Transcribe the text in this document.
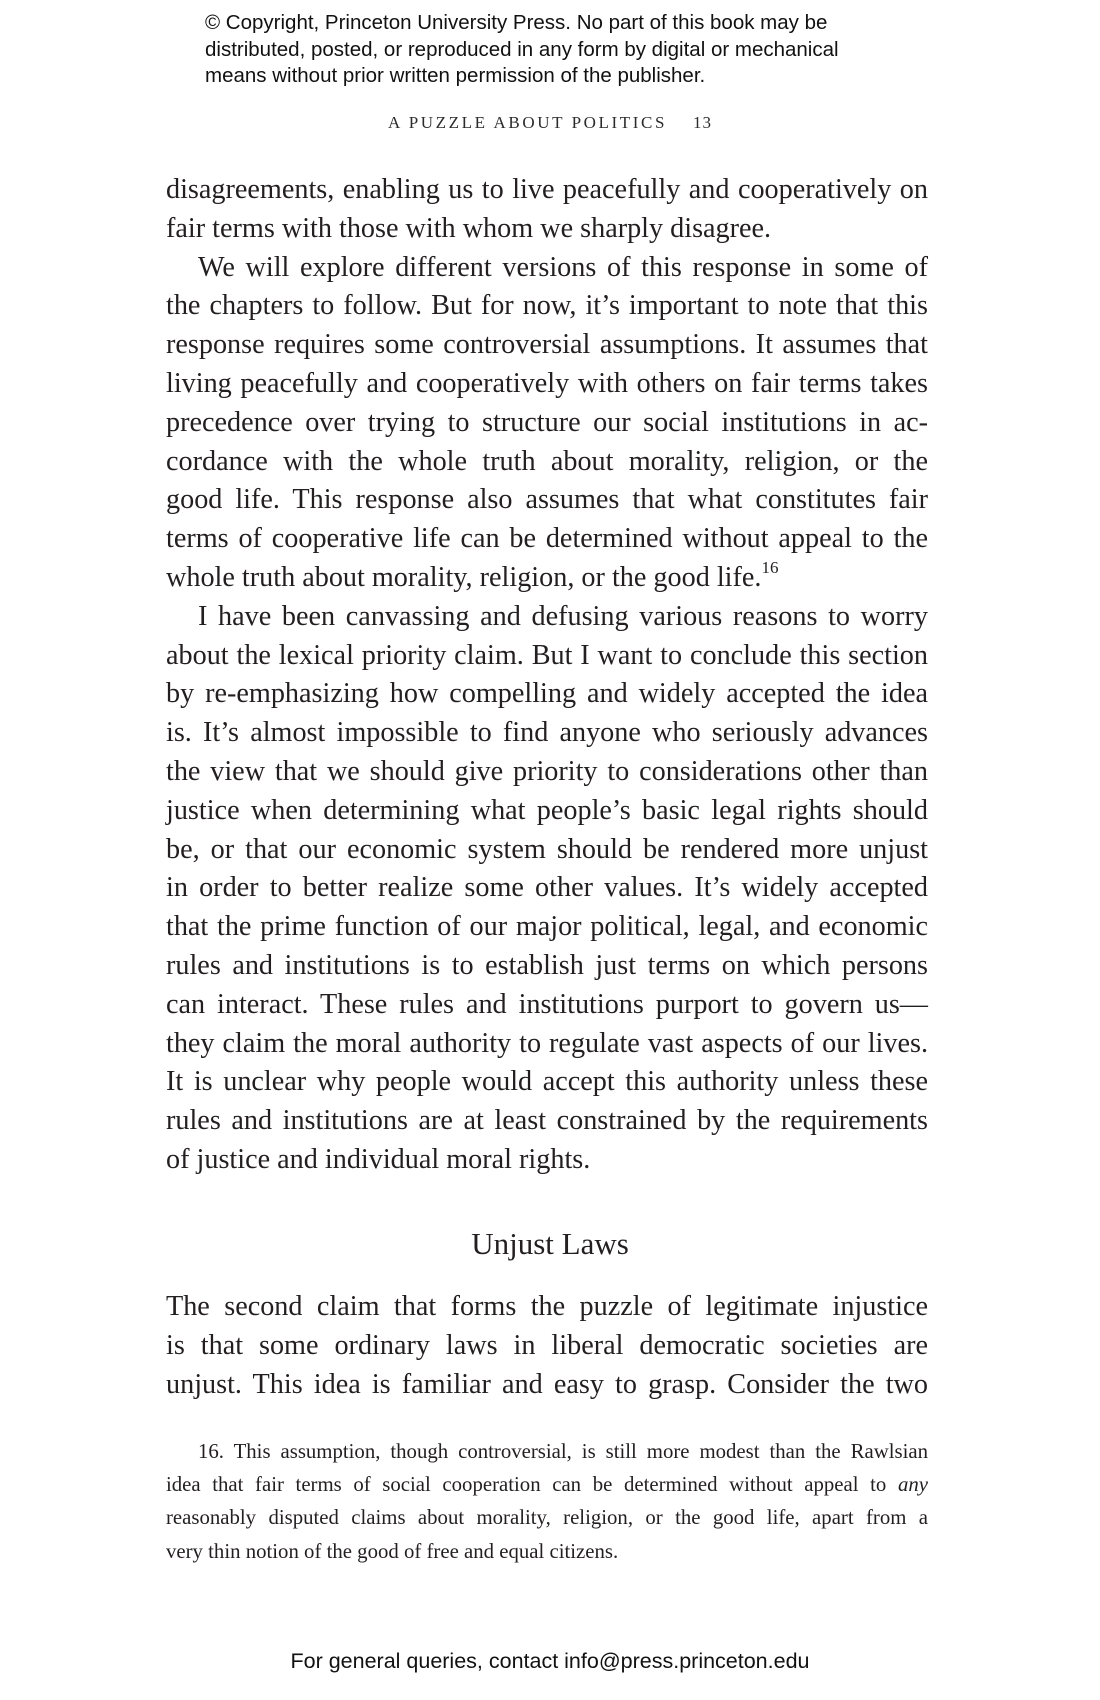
© Copyright, Princeton University Press. No part of this book may be
distributed, posted, or reproduced in any form by digital or mechanical
means without prior written permission of the publisher.
A PUZZLE ABOUT POLITICS 13
disagreements, enabling us to live peacefully and cooperatively on
fair terms with those with whom we sharply disagree.
We will explore different versions of this response in some of
the chapters to follow. But for now, it’s important to note that this
response requires some controversial assumptions. It assumes that
living peacefully and cooperatively with others on fair terms takes
precedence over trying to structure our social institutions in ac-
cordance with the whole truth about morality, religion, or the
good life. This response also assumes that what constitutes fair
terms of cooperative life can be determined without appeal to the
whole truth about morality, religion, or the good life.$^{16}$
I have been canvassing and defusing various reasons to worry
about the lexical priority claim. But I want to conclude this section
by re-emphasizing how compelling and widely accepted the idea
is. It’s almost impossible to find anyone who seriously advances
the view that we should give priority to considerations other than
justice when determining what people’s basic legal rights should
be, or that our economic system should be rendered more unjust
in order to better realize some other values. It’s widely accepted
that the prime function of our major political, legal, and economic
rules and institutions is to establish just terms on which persons
can interact. These rules and institutions purport to govern us—
they claim the moral authority to regulate vast aspects of our lives.
It is unclear why people would accept this authority unless these
rules and institutions are at least constrained by the requirements
of justice and individual moral rights.
Unjust Laws
The second claim that forms the puzzle of legitimate injustice
is that some ordinary laws in liberal democratic societies are
unjust. This idea is familiar and easy to grasp. Consider the two
16. This assumption, though controversial, is still more modest than the Rawlsian
idea that fair terms of social cooperation can be determined without appeal to any
reasonably disputed claims about morality, religion, or the good life, apart from a
very thin notion of the good of free and equal citizens.
For general queries, contact info@press.princeton.edu
